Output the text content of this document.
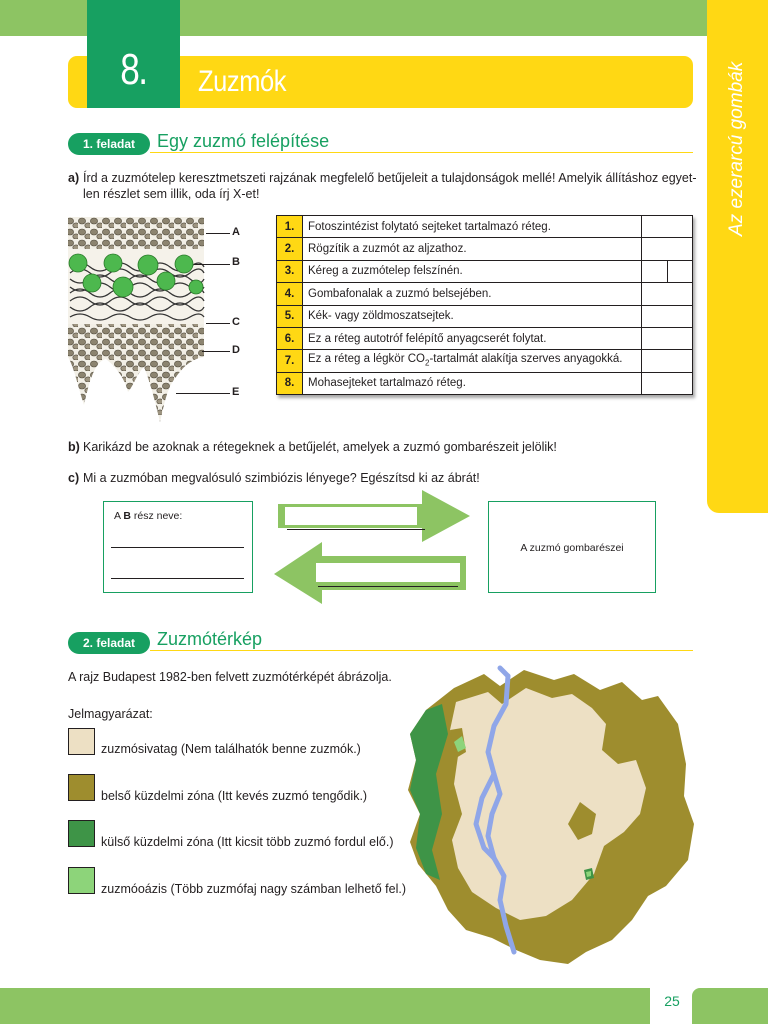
Az ezerarcú gombák
8.	Zuzmók
1. feladat	Egy zuzmó felépítése
a) Írd a zuzmótelep keresztmetszeti rajzának megfelelő betűjeleit a tulajdonságok mellé! Amelyik állításhoz egyet-
len részlet sem illik, oda írj X-et!
A
B
C
D
E
1.	Fotoszintézist folytató sejteket tartalmazó réteg.		
2.	Rögzítik a zuzmót az aljzathoz.		
3.	Kéreg a zuzmótelep felszínén.		
4.	Gombafonalak a zuzmó belsejében.		
5.	Kék- vagy zöldmoszatsejtek.		
6.	Ez a réteg autotróf felépítő anyagcserét folytat.		
7.	Ez a réteg a légkör $CO_2$-tartalmát alakítja szerves anyagokká.		
8.	Mohasejteket tartalmazó réteg.		
b) Karikázd be azoknak a rétegeknek a betűjelét, amelyek a zuzmó gombarészeit jelölik!
c) Mi a zuzmóban megvalósuló szimbiózis lényege? Egészítsd ki az ábrát!
A B rész neve:
A zuzmó gombarészei
2. feladat	Zuzmótérkép
A rajz Budapest 1982-ben felvett zuzmótérképét ábrázolja.
Jelmagyarázat:
zuzmósivatag (Nem találhatók benne zuzmók.)
belső küzdelmi zóna (Itt kevés zuzmó tengődik.)
külső küzdelmi zóna (Itt kicsit több zuzmó fordul elő.)
zuzmóoázis (Több zuzmófaj nagy számban lelhető fel.)
25
